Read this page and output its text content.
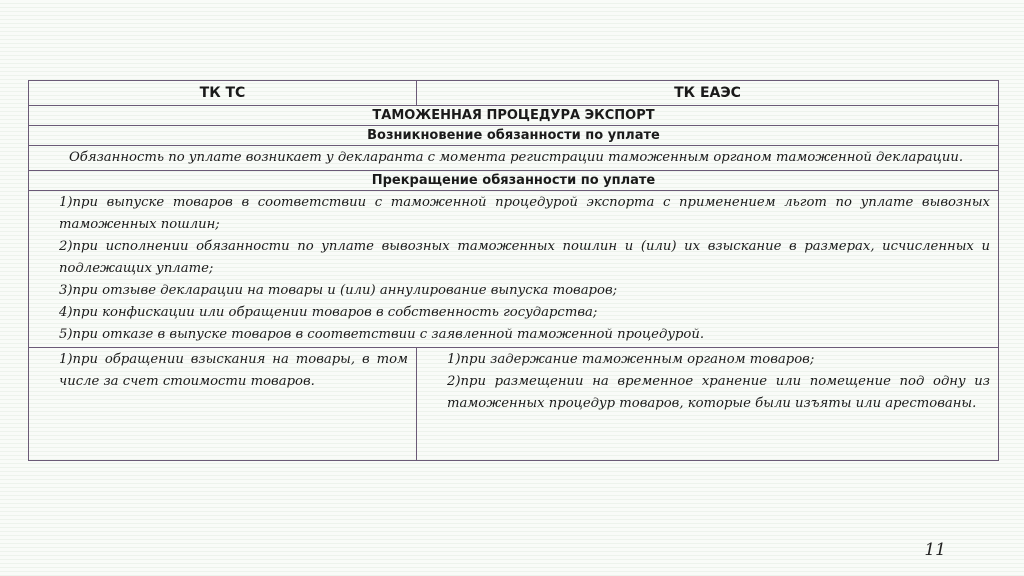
ТК ТС	ТК ЕАЭС
ТАМОЖЕННАЯ ПРОЦЕДУРА ЭКСПОРТ	
Возникновение обязанности по уплате	
Обязанность по уплате возникает у декларанта с момента регистрации таможенным органом таможенной декларации.	
Прекращение обязанности по уплате	

1)при выпуске товаров в соответствии с таможенной процедурой экспорта с применением льгот по уплате вывозных таможенных пошлин;
2)при исполнении обязанности по уплате вывозных таможенных пошлин и (или) их взыскание в размерах, исчисленных и подлежащих уплате;
3)при отзыве декларации на товары и (или) аннулирование выпуска товаров;
4)при конфискации или обращении товаров в собственность государства;
5)при отказе в выпуске товаров в соответствии с заявленной таможенной процедурой.	

1)при обращении взыскания на товары, в том числе за счет стоимости товаров.	1)при задержание таможенным органом товаров;
2)при размещении на временное хранение или помещение под одну из таможенных процедур товаров, которые были изъяты или арестованы.
11
